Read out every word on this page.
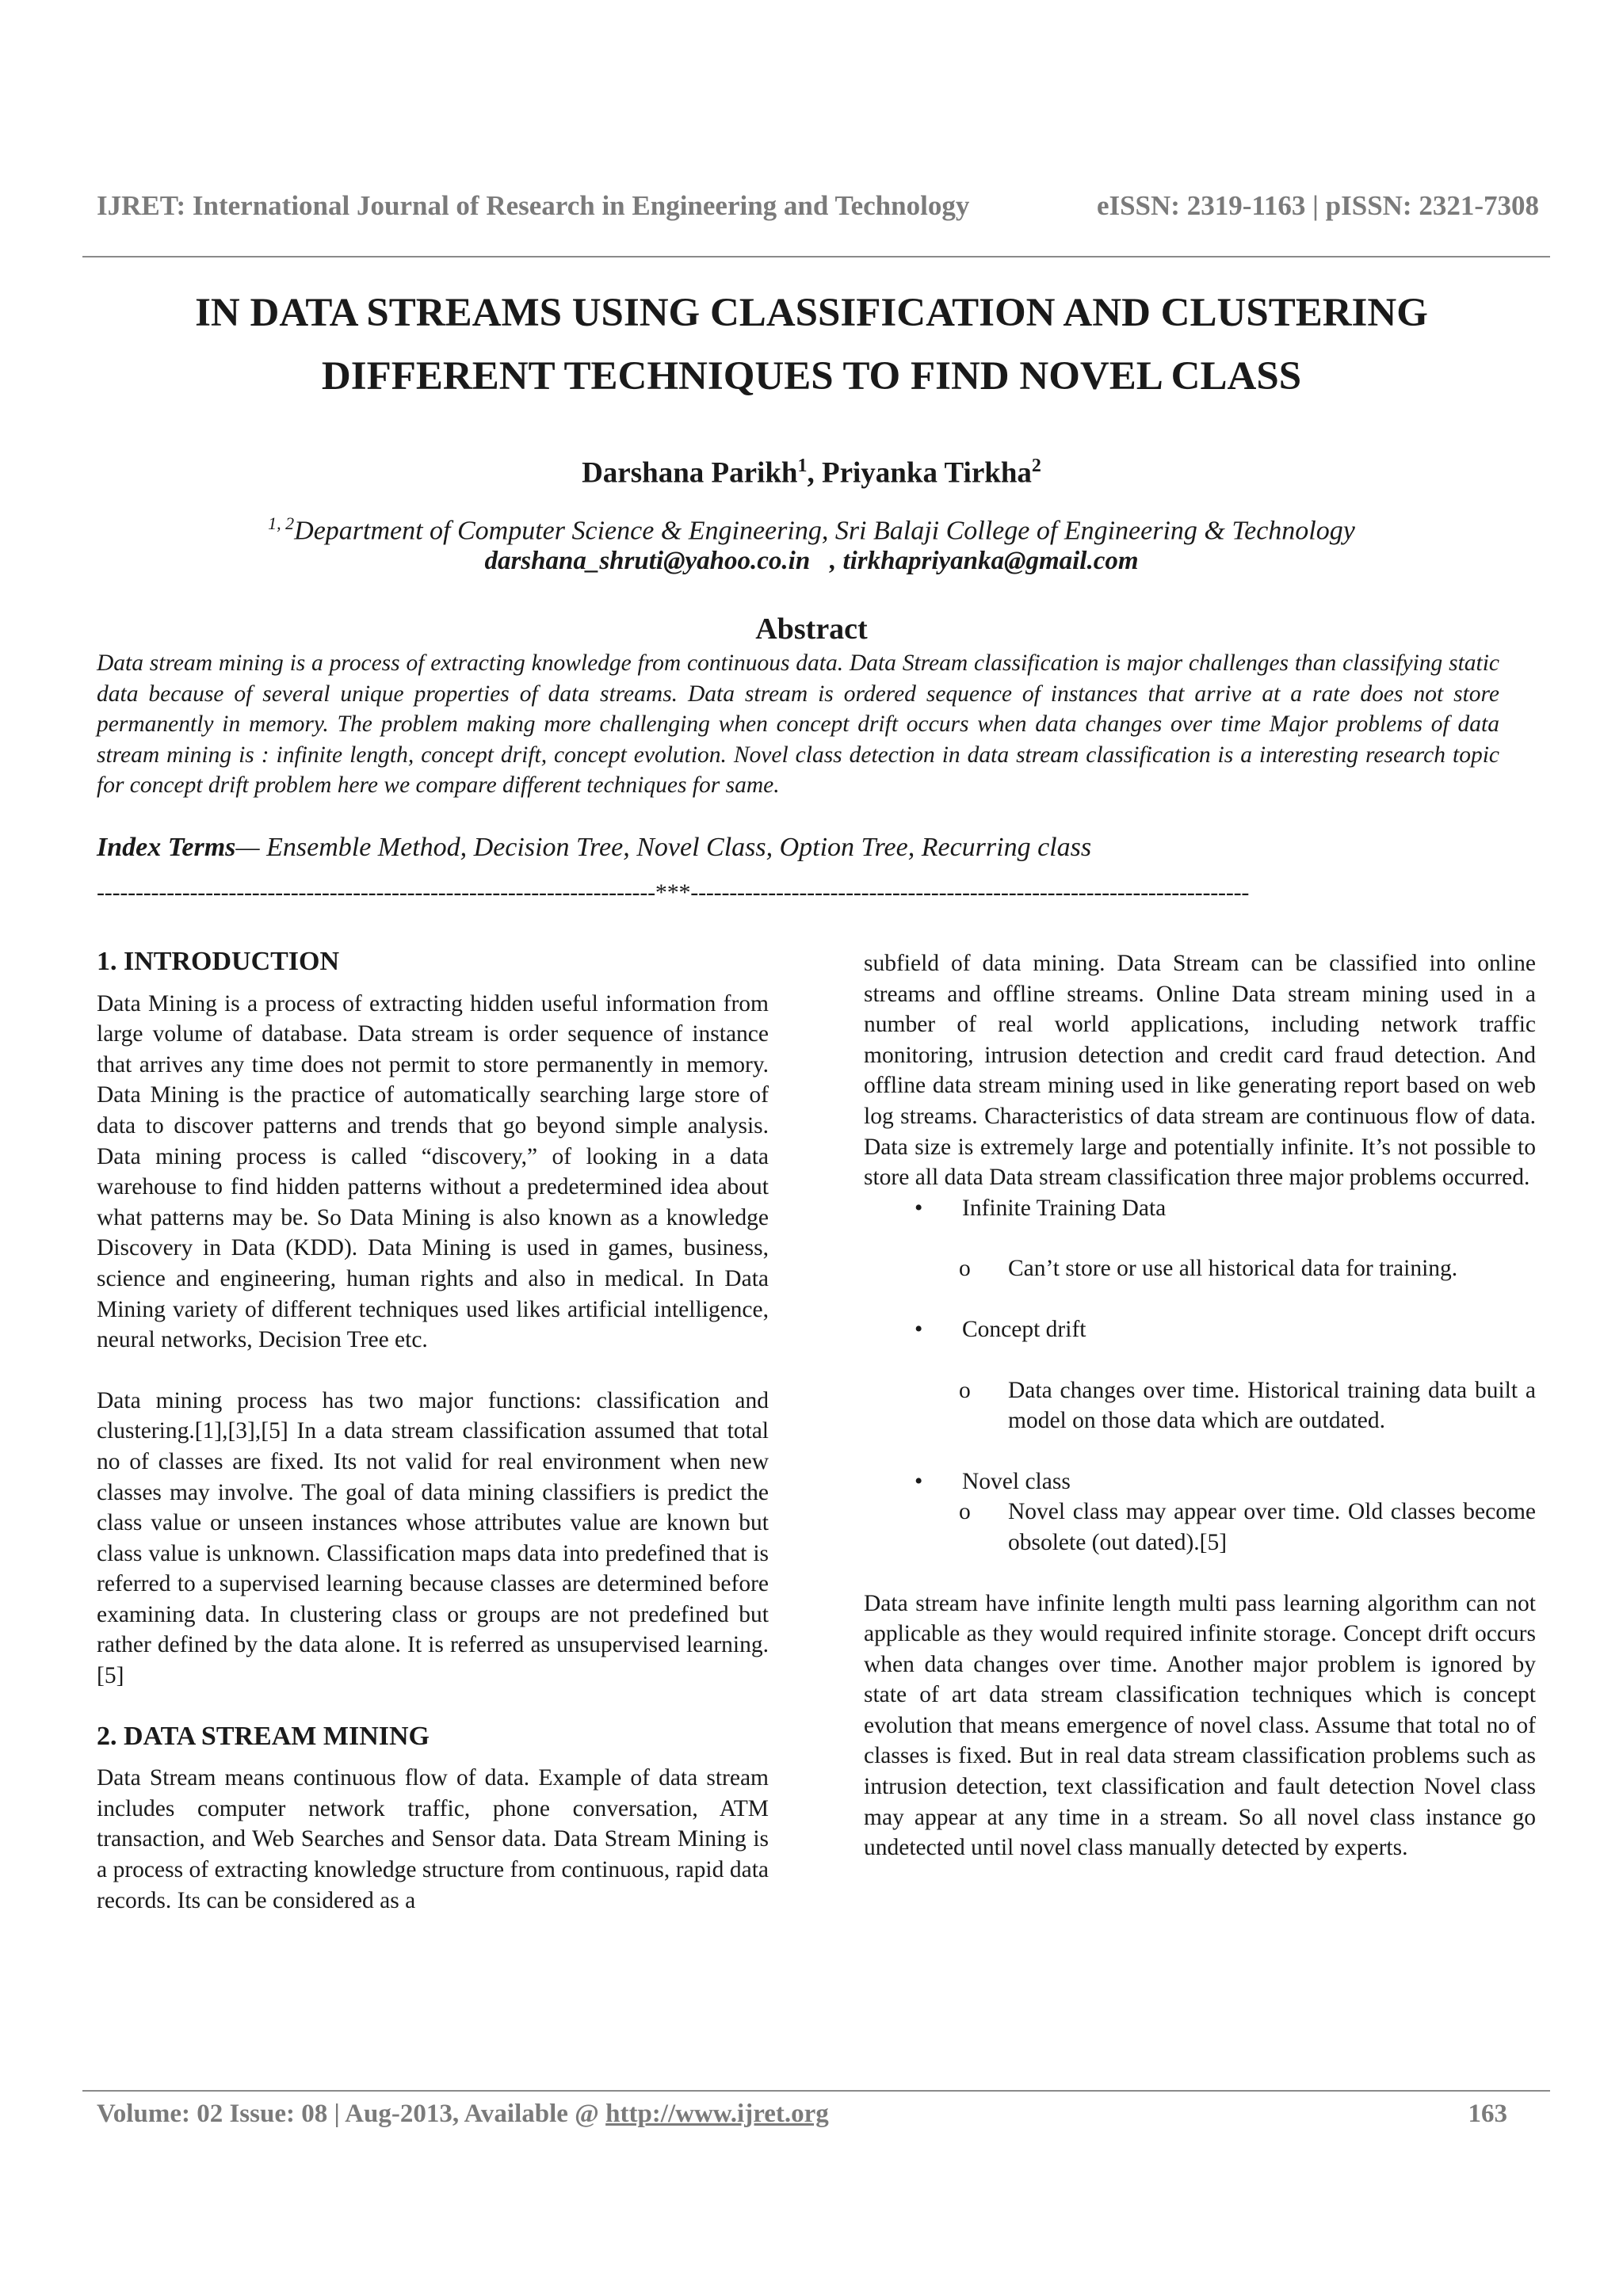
IJRET: International Journal of Research in Engineering and Technology	eISSN: 2319-1163 | pISSN: 2321-7308
IN DATA STREAMS USING CLASSIFICATION AND CLUSTERING
DIFFERENT TECHNIQUES TO FIND NOVEL CLASS
Darshana Parikh$^1$, Priyanka Tirkha$^2$
$^{1, 2}$Department of Computer Science & Engineering, Sri Balaji College of Engineering & Technology
darshana_shruti@yahoo.co.in   , tirkhapriyanka@gmail.com
Abstract
Data stream mining is a process of extracting knowledge from continuous data. Data Stream classification is major challenges than classifying static data because of several unique properties of data streams. Data stream is ordered sequence of instances that arrive at a rate does not store permanently in memory. The problem making more challenging when concept drift occurs when data changes over time Major problems of data stream mining is : infinite length, concept drift, concept evolution. Novel class detection in data stream classification is a interesting research topic for concept drift problem here we compare different techniques for same.
Index Terms— Ensemble Method, Decision Tree, Novel Class, Option Tree, Recurring class
------------------------------------------------------------------------***------------------------------------------------------------------------
1. INTRODUCTION

Data Mining is a process of extracting hidden useful information from large volume of database. Data stream is order sequence of instance that arrives any time does not permit to store permanently in memory. Data Mining is the practice of automatically searching large store of data to discover patterns and trends that go beyond simple analysis. Data mining process is called “discovery,” of looking in a data warehouse to find hidden patterns without a predetermined idea about what patterns may be. So Data Mining is also known as a knowledge Discovery in Data (KDD). Data Mining is used in games, business, science and engineering, human rights and also in medical. In Data Mining variety of different techniques used likes artificial intelligence, neural networks, Decision Tree etc.

Data mining process has two major functions: classification and clustering.[1],[3],[5] In a data stream classification assumed that total no of classes are fixed. Its not valid for real environment when new classes may involve. The goal of data mining classifiers is predict the class value or unseen instances whose attributes value are known but class value is unknown. Classification maps data into predefined that is referred to a supervised learning because classes are determined before examining data. In clustering class or groups are not predefined but rather defined by the data alone. It is referred as unsupervised learning. [5]

2. DATA STREAM MINING

Data Stream means continuous flow of data. Example of data stream includes computer network traffic, phone conversation, ATM transaction, and Web Searches and Sensor data. Data Stream Mining is a process of extracting knowledge structure from continuous, rapid data records. Its can be considered as a

subfield of data mining. Data Stream can be classified into online streams and offline streams. Online Data stream mining used in a number of real world applications, including network traffic monitoring, intrusion detection and credit card fraud detection. And offline data stream mining used in like generating report based on web log streams. Characteristics of data stream are continuous flow of data. Data size is extremely large and potentially infinite. It’s not possible to store all data Data stream classification three major problems occurred.

• Infinite Training Data

o Can’t store or use all historical data for training.

• Concept drift

o Data changes over time. Historical training data built a model on those data which are outdated.

• Novel class

o Novel class may appear over time. Old classes become obsolete (out dated).[5]

Data stream have infinite length multi pass learning algorithm can not applicable as they would required infinite storage. Concept drift occurs when data changes over time. Another major problem is ignored by state of art data stream classification techniques which is concept evolution that means emergence of novel class. Assume that total no of classes is fixed. But in real data stream classification problems such as intrusion detection, text classification and fault detection Novel class may appear at any time in a stream. So all novel class instance go undetected until novel class manually detected by experts.

Volume: 02 Issue: 08 | Aug-2013, Available @ http://www.ijret.org	163
